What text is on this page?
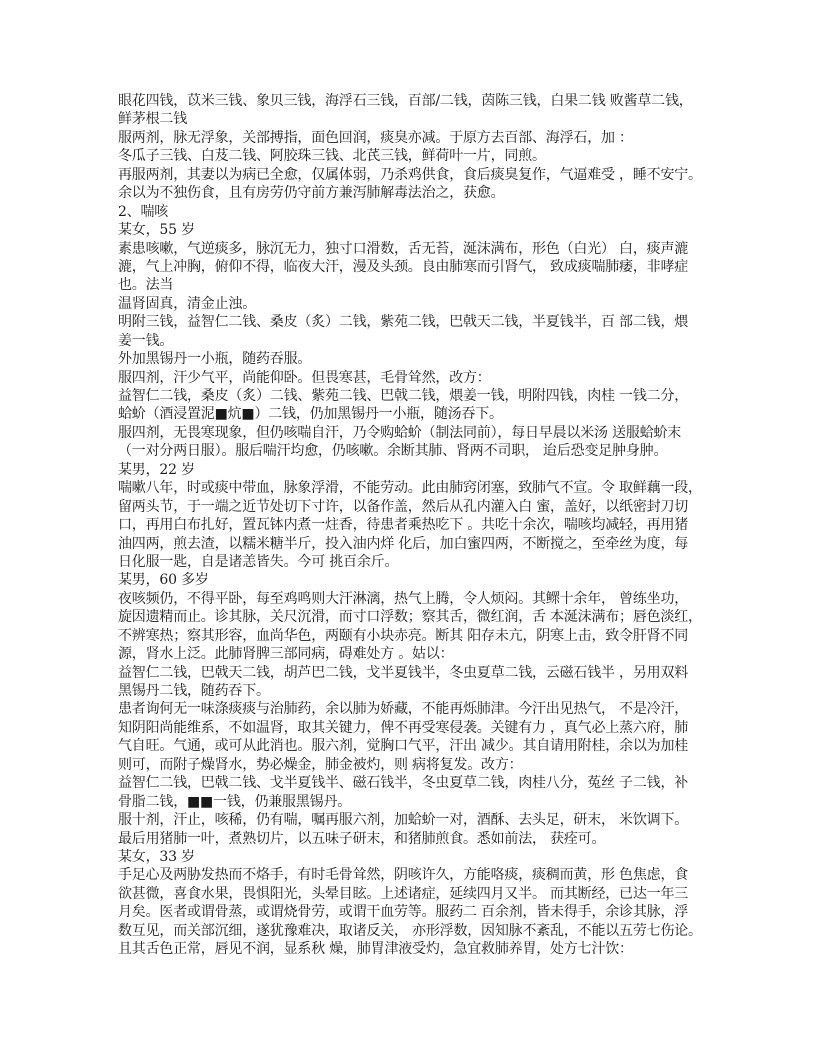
眼花四钱，苡米三钱、象贝三钱，海浮石三钱，百部/二钱，茵陈三钱，白果二钱 败酱草二钱，
鲜茅根二钱
服两剂，脉无浮象，关部搏指，面色回润，痰臭亦减。于原方去百部、海浮石，加 ：
冬瓜子三钱、白芨二钱、阿胶珠三钱、北芪三钱，鲜荷叶一片，同煎。
再服两剂，其妻以为病已全愈，仅属体弱，乃杀鸡供食，食后痰臭复作，气逼难受 ，睡不安宁。
余以为不独伤食，且有房劳仍守前方兼泻肺解毒法治之，获愈。
2、喘咳
某女，55 岁
素患咳嗽，气逆痰多，脉沉无力，独寸口滑数，舌无苔，涎沫满布，形色（白光） 白，痰声漉
漉，气上冲胸，俯仰不得，临夜大汗，漫及头颈。良由肺寒而引肾气， 致成痰喘肺痿，非哮症
也。法当
温肾固真，清金止浊。
明附三钱，益智仁二钱、桑皮（炙）二钱，紫苑二钱，巴戟天二钱，半夏钱半，百 部二钱，煨
姜一钱。
外加黑锡丹一小瓶，随药吞服。
服四剂，汗少气平，尚能仰卧。但畏寒甚，毛骨耸然，改方：
益智仁二钱，桑皮（炙）二钱、紫苑二钱、巴戟二钱，煨姜一钱，明附四钱，肉桂 一钱二分，
蛤蚧（酒浸置泥■炕■）二钱，仍加黑锡丹一小瓶，随汤吞下。
服四剂，无畏寒现象，但仍咳喘自汗，乃令购蛤蚧（制法同前），每日早晨以米汤 送服蛤蚧末
（一对分两日服）。服后喘汗均愈，仍咳嗽。余断其肺、肾两不司职， 迨后恐变足肿身肿。
某男，22 岁
喘嗽八年，时或痰中带血，脉象浮滑，不能劳动。此由肺窍闭塞，致肺气不宣。令 取鲜藕一段，
留两头节，于一端之近节处切下寸许，以备作盖，然后从孔内灌入白 蜜，盖好，以纸密封刀切
口，再用白布扎好，置瓦钵内煮一炷香，待患者乘热吃下 。共吃十余次，喘咳均减轻，再用猪
油四两，煎去渣，以糯米糖半斤，投入油内烊 化后，加白蜜四两，不断搅之，至牵丝为度，每
日化服一匙，自是诸恙皆失。今可 挑百余斤。
某男，60 多岁
夜咳频仍，不得平卧，每至鸡鸣则大汗淋漓，热气上腾，令人烦闷。其鳏十余年， 曾练坐功，
旋因遗精而止。诊其脉，关尺沉滑，而寸口浮数；察其舌，微红润，舌 本涎沫满布；唇色淡红，
不辨寒热；察其形容，血尚华色，两颐有小块赤亮。断其 阳存未亢，阴寒上击，致令肝肾不同
源，肾水上泛。此肺肾脾三部同病，碍难处方 。姑以：
益智仁二钱，巴戟天二钱，胡芦巴二钱，戈半夏钱半，冬虫夏草二钱，云磁石钱半 ，另用双料
黑锡丹二钱，随药吞下。
患者询何无一味涤痰痰与治肺药，余以肺为娇藏，不能再烁肺津。今汗出见热气， 不是冷汗，
知阴阳尚能维系，不如温肾，取其关键力，俾不再受寒侵袭。关键有力 ，真气必上蒸六府，肺
气自旺。气通，或可从此消也。服六剂，觉胸口气平，汗出 减少。其自请用附桂，余以为加桂
则可，而附子燥肾水，势必燥金，肺金被灼，则 病将复发。改方：
益智仁二钱，巴戟二钱、戈半夏钱半、磁石钱半，冬虫夏草二钱，肉桂八分，菟丝 子二钱，补
骨脂二钱，■■一钱，仍兼服黑锡丹。
服十剂，汗止，咳稀，仍有喘，嘱再服六剂，加蛤蚧一对，酒酥、去头足，研末， 米饮调下。
最后用猪肺一叶，煮熟切片，以五味子研末，和猪肺煎食。悉如前法， 获痊可。
某女，33 岁
手足心及两胁发热而不烙手，有时毛骨耸然，阴咳许久，方能咯痰，痰稠而黄，形 色焦虑，食
欲甚微，喜食水果，畏惧阳光，头晕目眩。上述诸症，延续四月又半。 而其断经，已达一年三
月矣。医者或谓骨蒸，或谓烧骨劳，或谓干血劳等。服药二 百余剂，皆未得手，余诊其脉，浮
数互见，而关部沉细，遂犹豫难决，取诸反关， 亦形浮数，因知脉不紊乱，不能以五劳七伤论。
且其舌色正常，唇见不润，显系秋 燥，肺胃津液受灼，急宜救肺养胃，处方七汁饮：
